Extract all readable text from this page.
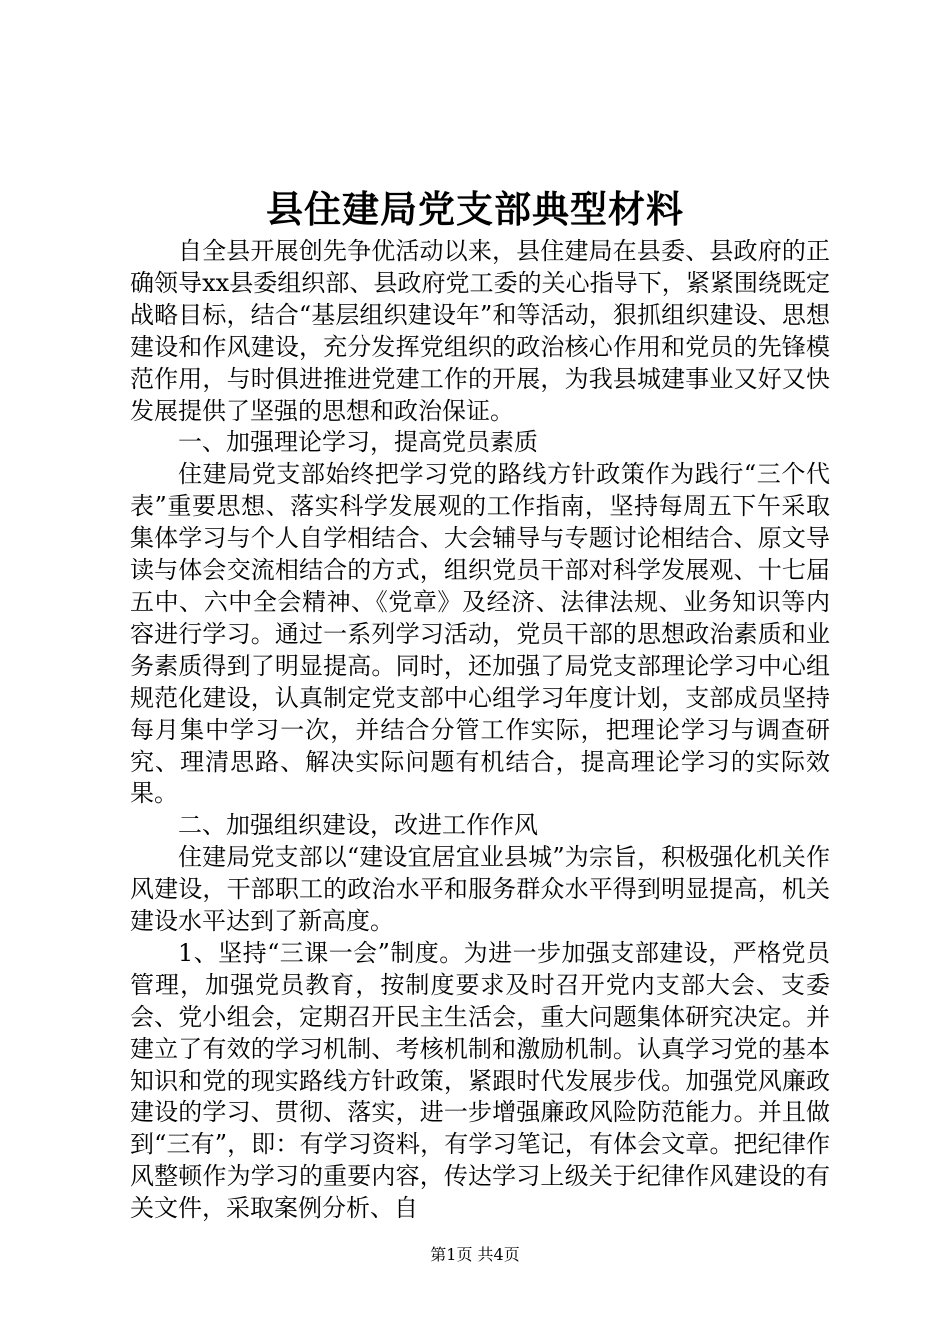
县住建局党支部典型材料

自全县开展创先争优活动以来，县住建局在县委、县政府的正确领导xx县委组织部、县政府党工委的关心指导下，紧紧围绕既定战略目标，结合“基层组织建设年”和等活动，狠抓组织建设、思想建设和作风建设，充分发挥党组织的政治核心作用和党员的先锋模范作用，与时俱进推进党建工作的开展，为我县城建事业又好又快发展提供了坚强的思想和政治保证。

一、加强理论学习，提高党员素质

住建局党支部始终把学习党的路线方针政策作为践行“三个代表”重要思想、落实科学发展观的工作指南，坚持每周五下午采取集体学习与个人自学相结合、大会辅导与专题讨论相结合、原文导读与体会交流相结合的方式，组织党员干部对科学发展观、十七届五中、六中全会精神、《党章》及经济、法律法规、业务知识等内容进行学习。通过一系列学习活动，党员干部的思想政治素质和业务素质得到了明显提高。同时，还加强了局党支部理论学习中心组规范化建设，认真制定党支部中心组学习年度计划，支部成员坚持每月集中学习一次，并结合分管工作实际，把理论学习与调查研究、理清思路、解决实际问题有机结合，提高理论学习的实际效果。

二、加强组织建设，改进工作作风

住建局党支部以“建设宜居宜业县城”为宗旨，积极强化机关作风建设，干部职工的政治水平和服务群众水平得到明显提高，机关建设水平达到了新高度。

1、坚持“三课一会”制度。为进一步加强支部建设，严格党员管理，加强党员教育，按制度要求及时召开党内支部大会、支委会、党小组会，定期召开民主生活会，重大问题集体研究决定。并建立了有效的学习机制、考核机制和激励机制。认真学习党的基本知识和党的现实路线方针政策，紧跟时代发展步伐。加强党风廉政建设的学习、贯彻、落实，进一步增强廉政风险防范能力。并且做到“三有”，即：有学习资料，有学习笔记，有体会文章。把纪律作风整顿作为学习的重要内容，传达学习上级关于纪律作风建设的有关文件，采取案例分析、自

第1页 共4页
